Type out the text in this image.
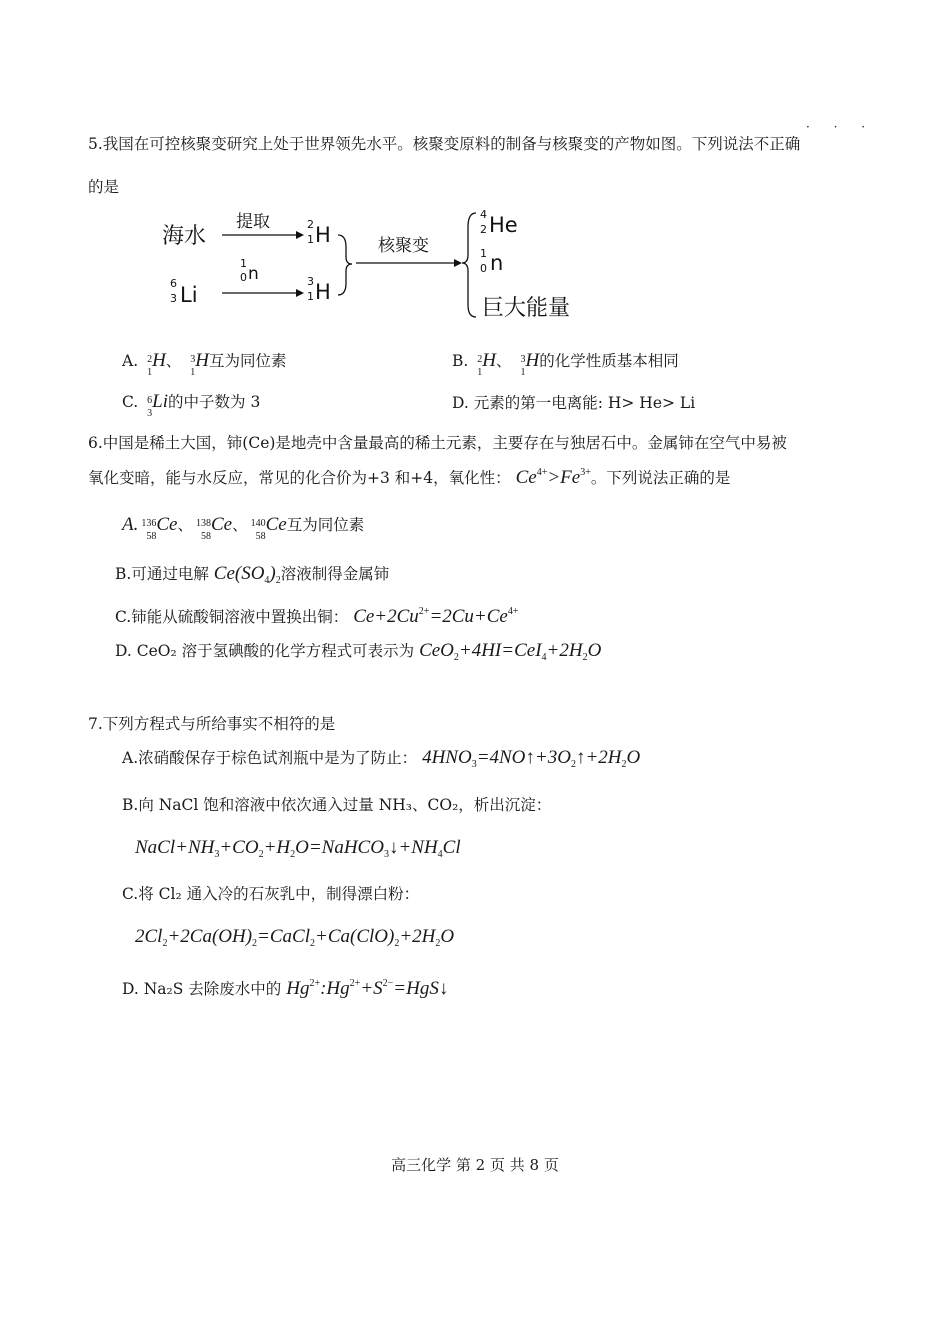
· · ·
5.我国在可控核聚变研究上处于世界领先水平。核聚变原料的制备与核聚变的产物如图。下列说法不正确
的是
海水
提取	2
1 H
6
3 Li
1
0 n	3
1 H
核聚变
4
2 He
1
0 n
巨大能量
A. 2
1
H、 3
1
H互为同位素	B. 2
1
H、 3
1
H的化学性质基本相同
C. 6
3
Li的中子数为 3	D. 元素的第一电离能: H> He> Li
6.中国是稀土大国，铈(Ce)是地壳中含量最高的稀土元素，主要存在与独居石中。金属铈在空气中易被
氧化变暗，能与水反应，常见的化合价为+3 和+4，氧化性： $Ce^{4+}>Fe^{3+}$。下列说法正确的是
A. 136
58
Ce、 138
58
Ce、 140
58
Ce互为同位素
B.可通过电解 $Ce(SO_4)_2$溶液制得金属铈
C.铈能从硫酸铜溶液中置换出铜： $Ce+2Cu^{2+}=2Cu+Ce^{4+}$
D. CeO₂ 溶于氢碘酸的化学方程式可表示为 $CeO_2+4HI=CeI_4+2H_2O$
7.下列方程式与所给事实不相符的是
A.浓硝酸保存于棕色试剂瓶中是为了防止： $4HNO_3=4NO↑+3O_2↑+2H_2O$
B.向 NaCl 饱和溶液中依次通入过量 NH₃、CO₂，析出沉淀：
$NaCl+NH_3+CO_2+H_2O=NaHCO_3↓+NH_4Cl$
C.将 Cl₂ 通入冷的石灰乳中，制得漂白粉：
$2Cl_2+2Ca(OH)_2=CaCl_2+Ca(ClO)_2+2H_2O$
D. Na₂S 去除废水中的 $Hg^{2+}:Hg^{2+}+S^{2-}=HgS↓$
高三化学 第 2 页 共 8 页
